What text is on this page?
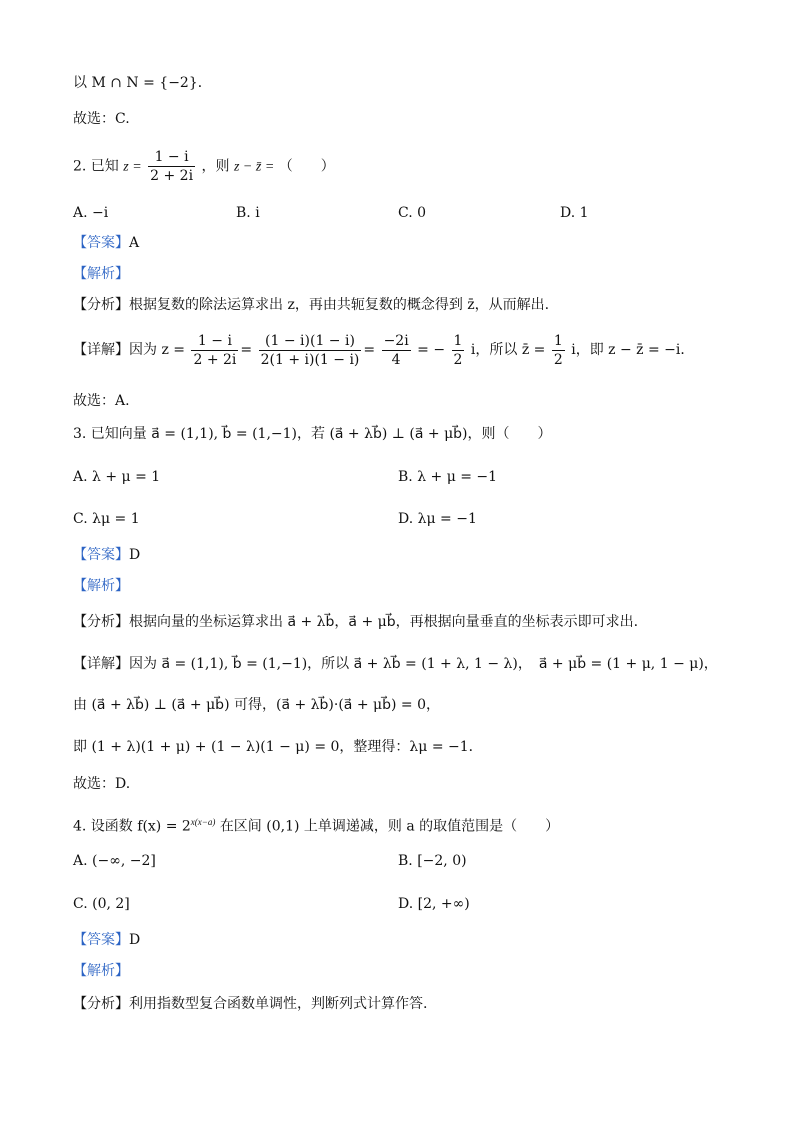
以 M ∩ N = {−2}．
故选：C.
2. 已知 $z = \frac{1 - i}{2 + 2i}$ ，则 z − z̄ = （　　）
A. −i	B. i	C. 0	D. 1
【答案】A
【解析】
【分析】根据复数的除法运算求出 z，再由共轭复数的概念得到 z̄，从而解出.
【详解】因为 $z = \frac{1 - i}{2 + 2i} = \frac{(1 - i)(1 - i)}{2(1 + i)(1 - i)} = \frac{-2i}{4}$ = − $\frac{1}{2}$ i，所以 z̄ = $\frac{1}{2}$ i，即 z − z̄ = −i．
故选：A.
3. 已知向量 a⃗ = (1,1), b⃗ = (1,−1)，若 (a⃗ + λb⃗) ⊥ (a⃗ + μb⃗)，则（　　）
A. λ + μ = 1	B. λ + μ = −1
C. λμ = 1	D. λμ = −1
【答案】D
【解析】
【分析】根据向量的坐标运算求出 a⃗ + λb⃗，a⃗ + μb⃗，再根据向量垂直的坐标表示即可求出.
【详解】因为 a⃗ = (1,1), b⃗ = (1,−1)，所以 a⃗ + λb⃗ = (1 + λ, 1 − λ)，　a⃗ + μb⃗ = (1 + μ, 1 − μ)，
由 (a⃗ + λb⃗) ⊥ (a⃗ + μb⃗) 可得，(a⃗ + λb⃗)·(a⃗ + μb⃗) = 0，
即 (1 + λ)(1 + μ) + (1 − λ)(1 − μ) = 0，整理得：λμ = −1．
故选：D.
4. 设函数 $f(x) = 2^{x(x-a)}$ 在区间 (0,1) 上单调递减，则 a 的取值范围是（　　）
A. (−∞, −2]	B. [−2, 0)
C. (0, 2]	D. [2, +∞)
【答案】D
【解析】
【分析】利用指数型复合函数单调性，判断列式计算作答.
